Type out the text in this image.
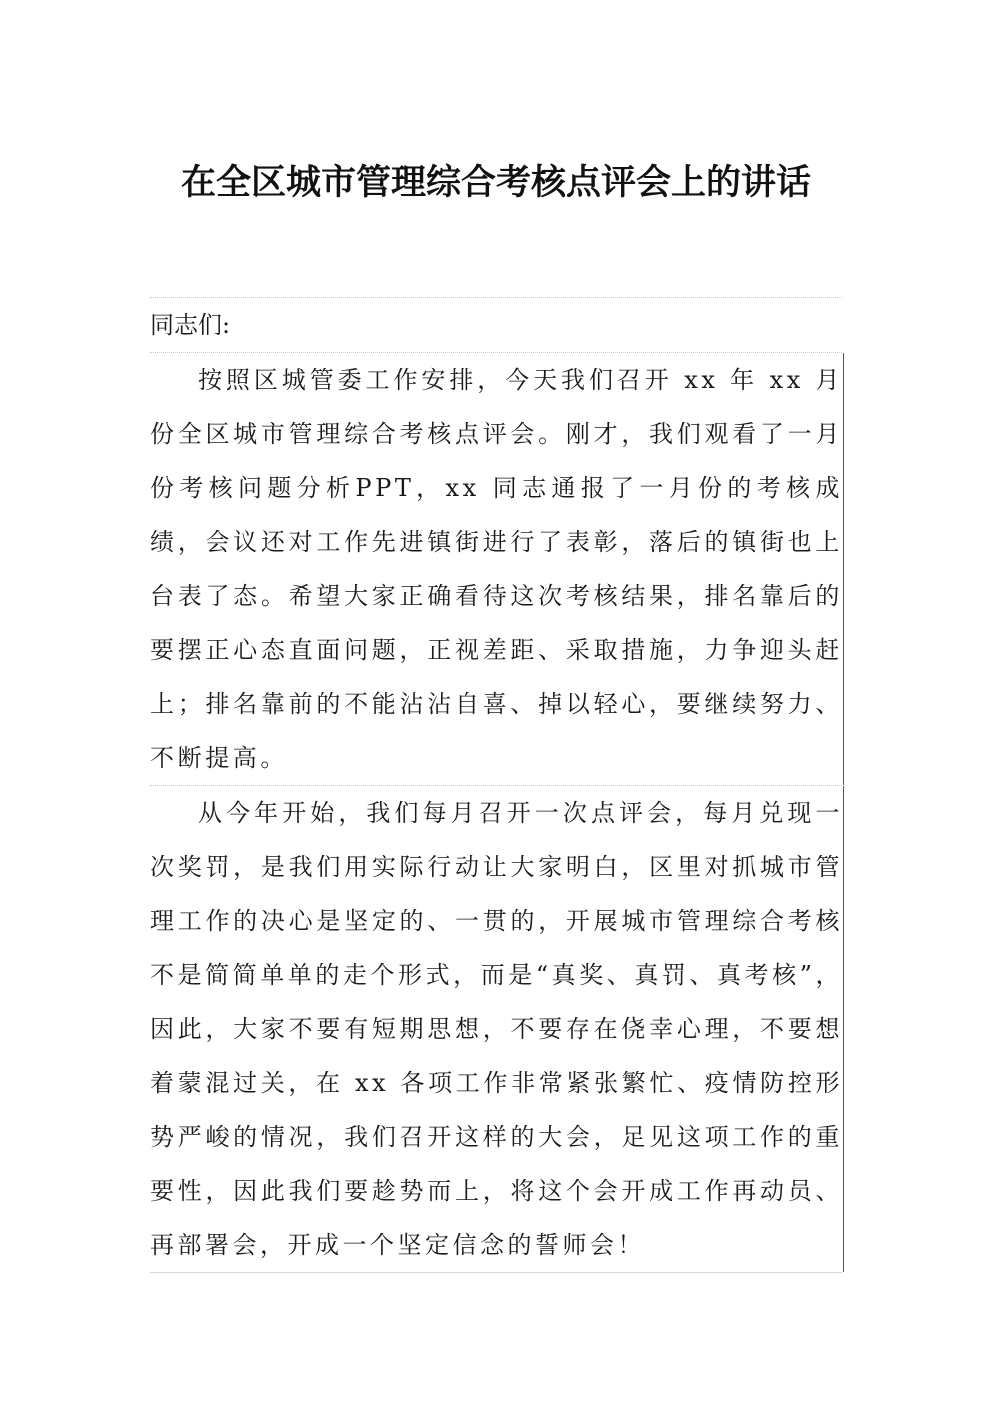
在全区城市管理综合考核点评会上的讲话
同志们:
按照区城管委工作安排，今天我们召开 xx 年 xx 月份全区城市管理综合考核点评会。刚才，我们观看了一月份考核问题分析PPT，xx 同志通报了一月份的考核成绩，会议还对工作先进镇街进行了表彰，落后的镇街也上台表了态。希望大家正确看待这次考核结果，排名靠后的要摆正心态直面问题，正视差距、采取措施，力争迎头赶上；排名靠前的不能沾沾自喜、掉以轻心，要继续努力、不断提高。
从今年开始，我们每月召开一次点评会，每月兑现一次奖罚，是我们用实际行动让大家明白，区里对抓城市管理工作的决心是坚定的、一贯的，开展城市管理综合考核不是简简单单的走个形式，而是“真奖、真罚、真考核”，因此，大家不要有短期思想，不要存在侥幸心理，不要想着蒙混过关，在 xx 各项工作非常紧张繁忙、疫情防控形势严峻的情况，我们召开这样的大会，足见这项工作的重要性，因此我们要趁势而上，将这个会开成工作再动员、再部署会，开成一个坚定信念的誓师会！
